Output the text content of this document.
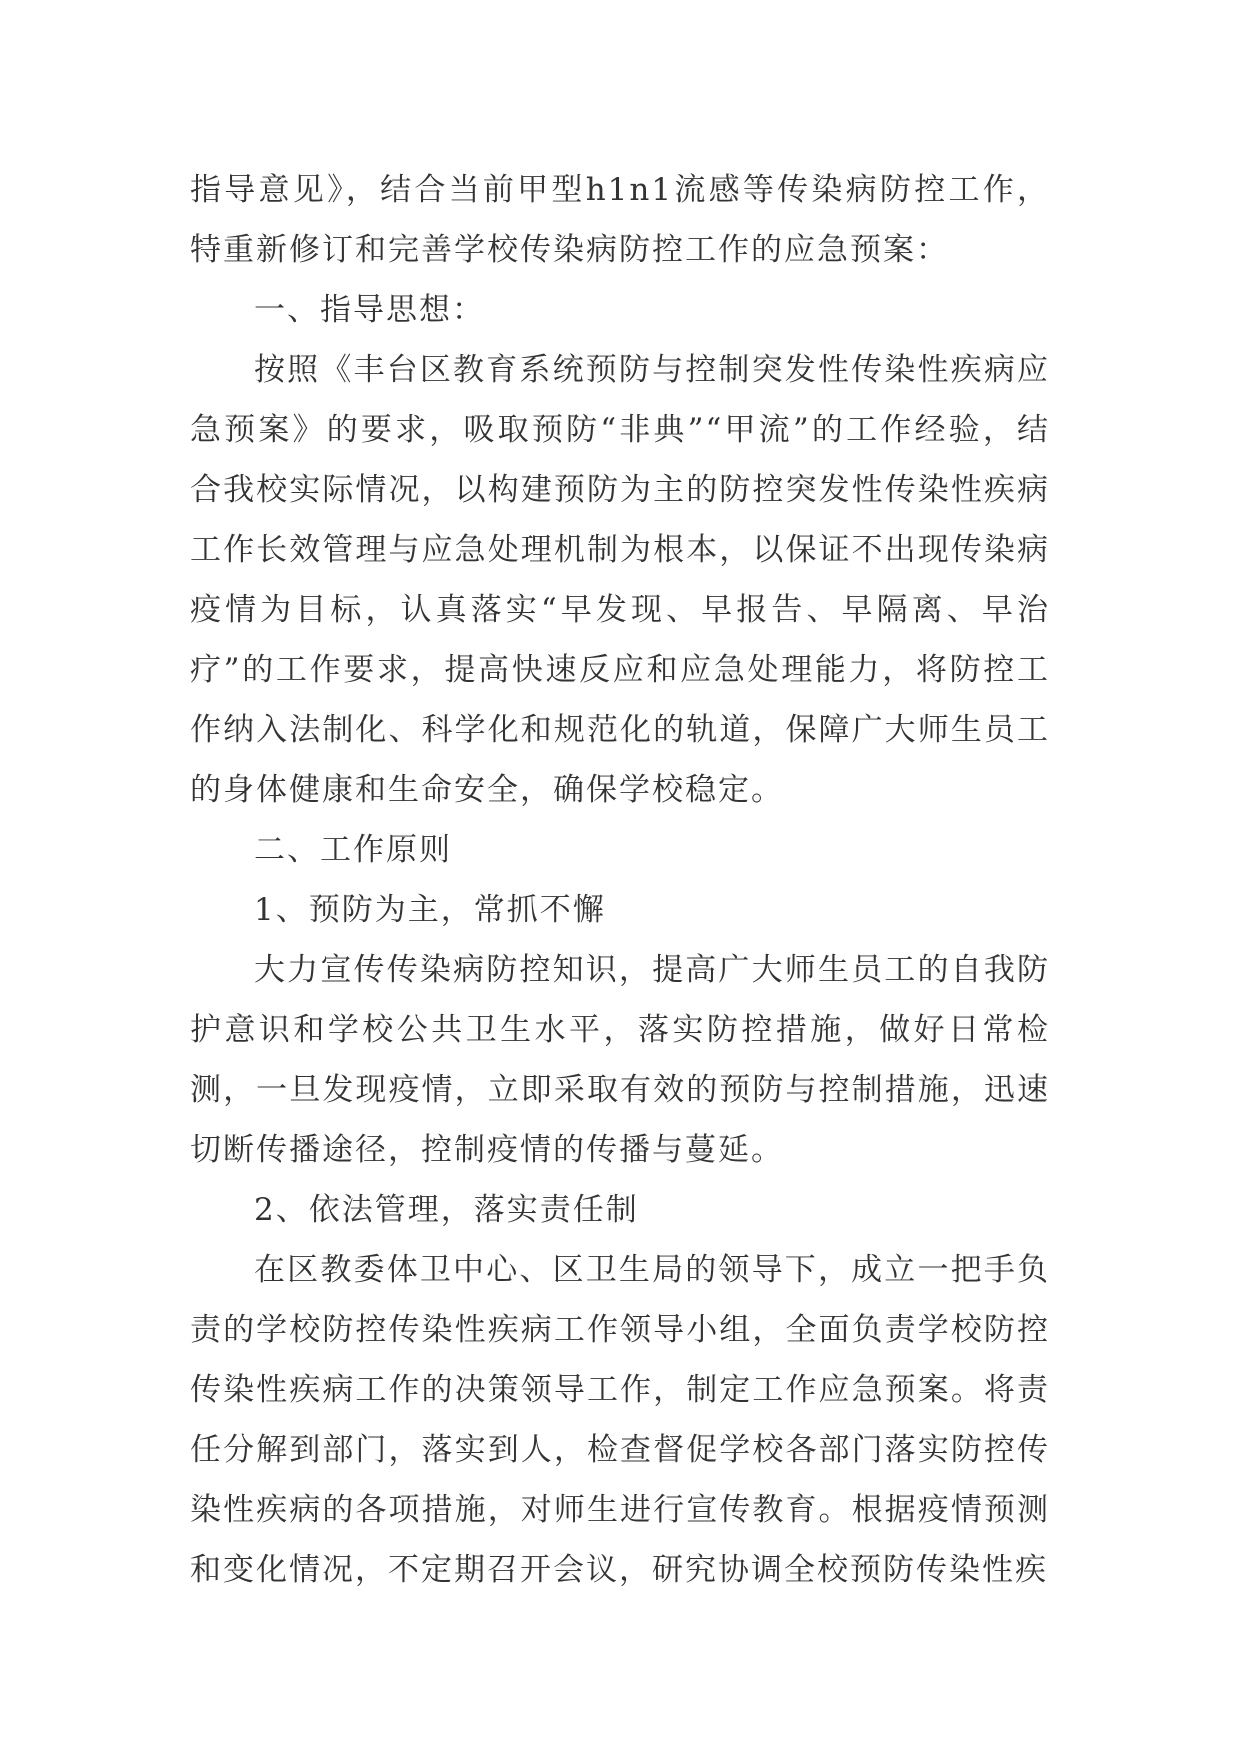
指导意见》，结合当前甲型h1n1流感等传染病防控工作，特重新修订和完善学校传染病防控工作的应急预案：

一、指导思想：

按照《丰台区教育系统预防与控制突发性传染性疾病应急预案》的要求，吸取预防“非典”“甲流”的工作经验，结合我校实际情况，以构建预防为主的防控突发性传染性疾病工作长效管理与应急处理机制为根本，以保证不出现传染病疫情为目标，认真落实“早发现、早报告、早隔离、早治疗”的工作要求，提高快速反应和应急处理能力，将防控工作纳入法制化、科学化和规范化的轨道，保障广大师生员工的身体健康和生命安全，确保学校稳定。

二、工作原则

1、预防为主，常抓不懈

大力宣传传染病防控知识，提高广大师生员工的自我防护意识和学校公共卫生水平，落实防控措施，做好日常检测，一旦发现疫情，立即采取有效的预防与控制措施，迅速切断传播途径，控制疫情的传播与蔓延。

2、依法管理，落实责任制

在区教委体卫中心、区卫生局的领导下，成立一把手负责的学校防控传染性疾病工作领导小组，全面负责学校防控传染性疾病工作的决策领导工作，制定工作应急预案。将责任分解到部门，落实到人，检查督促学校各部门落实防控传染性疾病的各项措施，对师生进行宣传教育。根据疫情预测和变化情况，不定期召开会议，研究协调全校预防传染性疾
